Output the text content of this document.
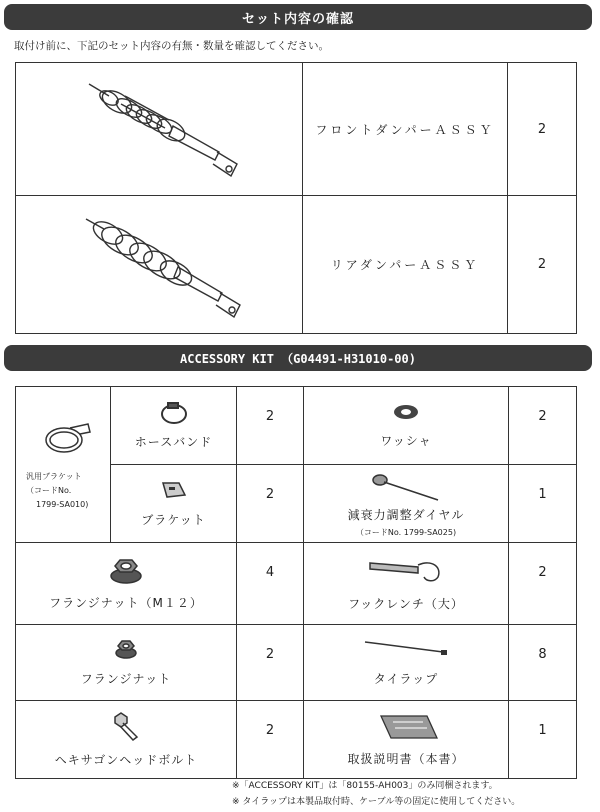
セット内容の確認
取付け前に、下記のセット内容の有無・数量を確認してください。

フロントダンパーＡＳＳＹ	2

リアダンパーＡＳＳＹ	2
ACCESSORY KIT （G04491-H31010-00)
汎用ブラケット
（コードNo.
1799-SA010)	ホースバンド	2	ワッシャ	2

	ブラケット	2	減衰力調整ダイヤル
（コードNo. 1799-SA025)	1

フランジナット（M１２）		4	フックレンチ（大）	2

フランジナット		2	タイラップ	8

ヘキサゴンヘッドボルト		2	取扱説明書（本書）	1
※「ACCESSORY KIT」は「80155-AH003」のみ同梱されます。
※ タイラップは本製品取付時、ケーブル等の固定に使用してください。
